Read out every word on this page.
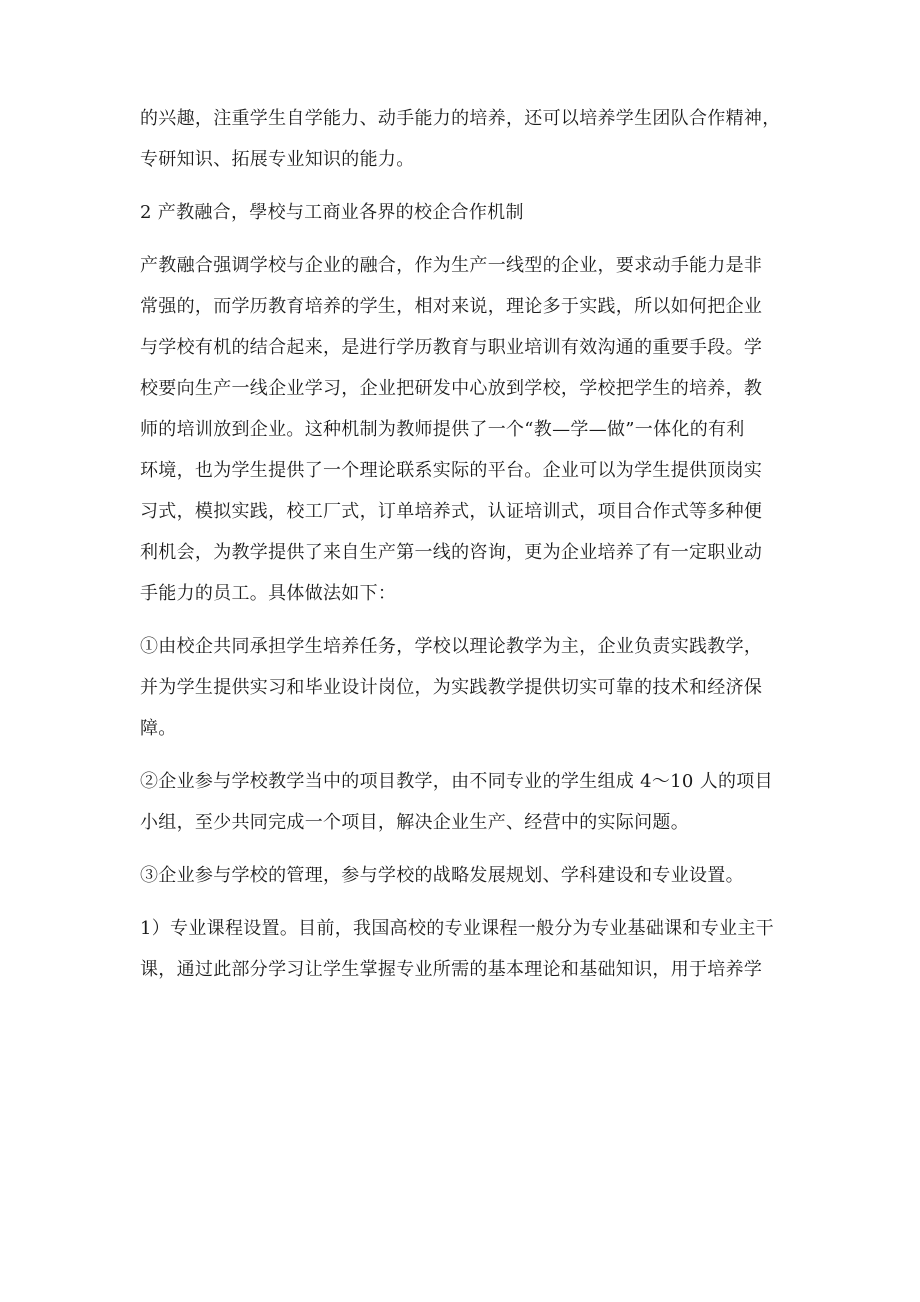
的兴趣，注重学生自学能力、动手能力的培养，还可以培养学生团队合作精神，
专研知识、拓展专业知识的能力。

2 产教融合，學校与工商业各界的校企合作机制

产教融合强调学校与企业的融合，作为生产一线型的企业，要求动手能力是非
常强的，而学历教育培养的学生，相对来说，理论多于实践，所以如何把企业
与学校有机的结合起来，是进行学历教育与职业培训有效沟通的重要手段。学
校要向生产一线企业学习，企业把研发中心放到学校，学校把学生的培养，教
师的培训放到企业。这种机制为教师提供了一个“教—学—做”一体化的有利
环境，也为学生提供了一个理论联系实际的平台。企业可以为学生提供顶岗实
习式，模拟实践，校工厂式，订单培养式，认证培训式，项目合作式等多种便
利机会，为教学提供了来自生产第一线的咨询，更为企业培养了有一定职业动
手能力的员工。具体做法如下：

①由校企共同承担学生培养任务，学校以理论教学为主，企业负责实践教学，
并为学生提供实习和毕业设计岗位，为实践教学提供切实可靠的技术和经济保
障。

②企业参与学校教学当中的项目教学，由不同专业的学生组成 4～10 人的项目
小组，至少共同完成一个项目，解决企业生产、经营中的实际问题。

③企业参与学校的管理，参与学校的战略发展规划、学科建设和专业设置。

1）专业课程设置。目前，我国高校的专业课程一般分为专业基础课和专业主干
课，通过此部分学习让学生掌握专业所需的基本理论和基础知识，用于培养学
